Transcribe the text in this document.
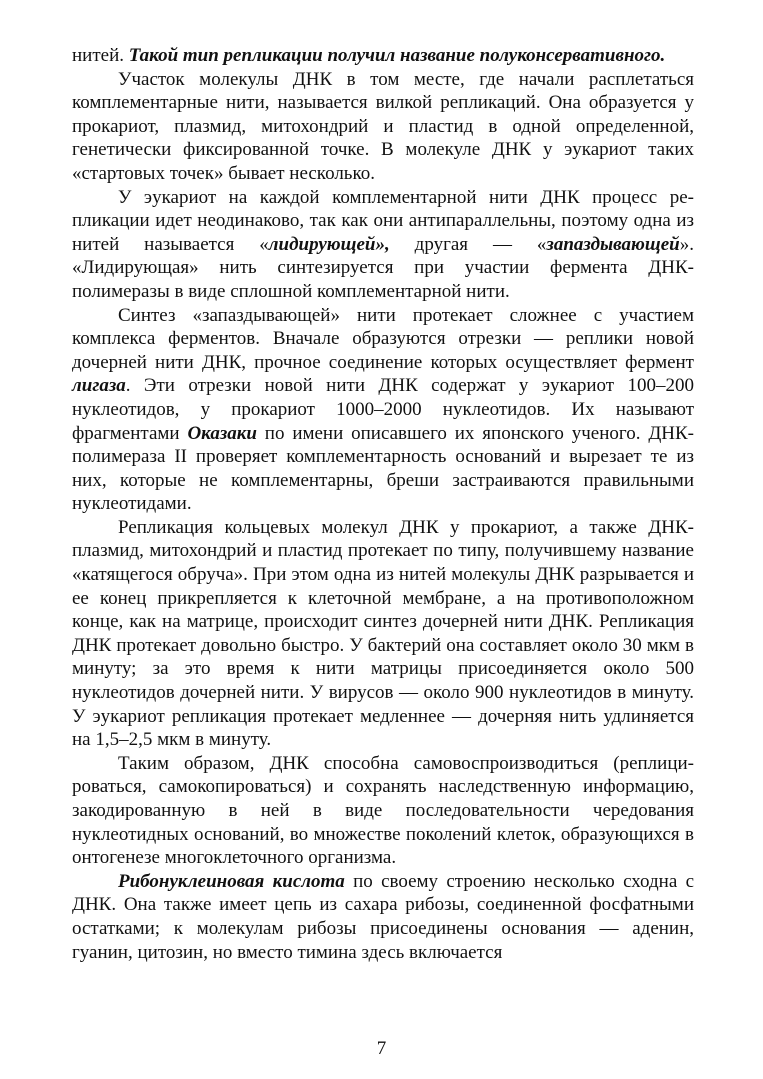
нитей. Такой тип репликации получил название полуконсервативного.

Участок молекулы ДНК в том месте, где начали расплетаться комплементарные нити, называется вилкой репликаций. Она образуется у прокариот, плазмид, митохондрий и пластид в одной определенной, генетически фиксированной точке. В молекуле ДНК у эукариот таких «стартовых точек» бывает несколько.

У эукариот на каждой комплементарной нити ДНК процесс репликации идет неодинаково, так как они антипараллельны, поэтому одна из нитей называется «лидирующей», другая — «запаздывающей». «Лидирующая» нить синтезируется при участии фермента ДНК-полимеразы в виде сплошной комплементарной нити.

Синтез «запаздывающей» нити протекает сложнее с участием комплекса ферментов. Вначале образуются отрезки — реплики новой дочерней нити ДНК, прочное соединение которых осуществляет фермент лигаза. Эти отрезки новой нити ДНК содержат у эукариот 100–200 нуклеотидов, у прокариот 1000–2000 нуклеотидов. Их называют фрагментами Оказаки по имени описавшего их японского ученого. ДНК-полимераза II проверяет комплементарность оснований и вырезает те из них, которые не комплементарны, бреши застраиваются правильными нуклеотидами.

Репликация кольцевых молекул ДНК у прокариот, а также ДНК-плазмид, митохондрий и пластид протекает по типу, получившему название «катящегося обруча». При этом одна из нитей молекулы ДНК разрывается и ее конец прикрепляется к клеточной мембране, а на противоположном конце, как на матрице, происходит синтез дочерней нити ДНК. Репликация ДНК протекает довольно быстро. У бактерий она составляет около 30 мкм в минуту; за это время к нити матрицы присоединяется около 500 нуклеотидов дочерней нити. У вирусов — около 900 нуклеотидов в минуту. У эукариот репликация протекает медленнее — дочерняя нить удлиняется на 1,5–2,5 мкм в минуту.

Таким образом, ДНК способна самовоспроизводиться (реплицироваться, самокопироваться) и сохранять наследственную информацию, закодированную в ней в виде последовательности чередования нуклеотидных оснований, во множестве поколений клеток, образующихся в онтогенезе многоклеточного организма.

Рибонуклеиновая кислота по своему строению несколько сходна с ДНК. Она также имеет цепь из сахара рибозы, соединенной фосфатными остатками; к молекулам рибозы присоединены основания — аденин, гуанин, цитозин, но вместо тимина здесь включается

7
